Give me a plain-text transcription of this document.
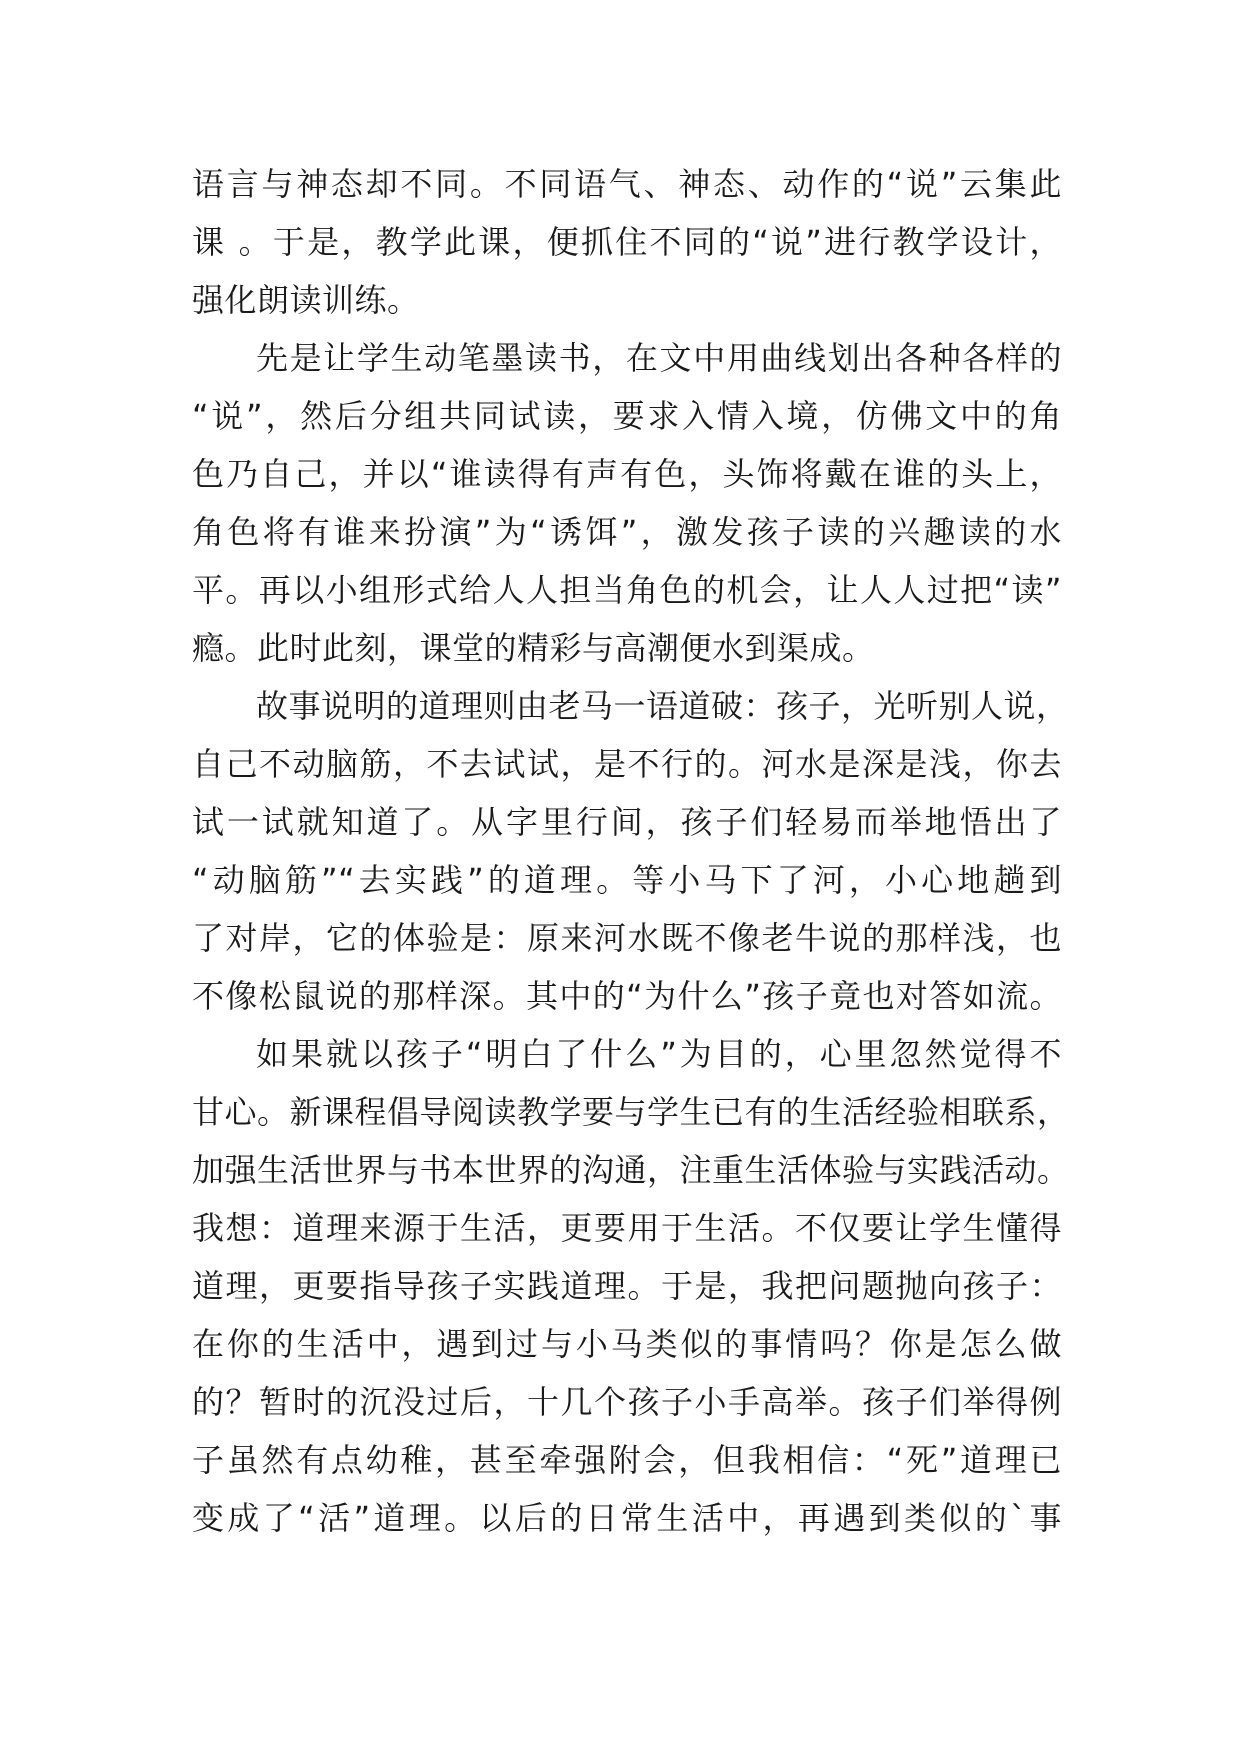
语言与神态却不同。不同语气、神态、动作的“说”云集此
课 。于是，教学此课，便抓住不同的“说”进行教学设计，
强化朗读训练。
先是让学生动笔墨读书，在文中用曲线划出各种各样的
“说”，然后分组共同试读，要求入情入境，仿佛文中的角
色乃自己，并以“谁读得有声有色，头饰将戴在谁的头上，
角色将有谁来扮演”为“诱饵”，激发孩子读的兴趣读的水
平。再以小组形式给人人担当角色的机会，让人人过把“读”
瘾。此时此刻，课堂的精彩与高潮便水到渠成。
故事说明的道理则由老马一语道破：孩子，光听别人说，
自己不动脑筋，不去试试，是不行的。河水是深是浅，你去
试一试就知道了。从字里行间，孩子们轻易而举地悟出了
“动脑筋”“去实践”的道理。等小马下了河，小心地趟到
了对岸，它的体验是：原来河水既不像老牛说的那样浅，也
不像松鼠说的那样深。其中的“为什么”孩子竟也对答如流。
如果就以孩子“明白了什么”为目的，心里忽然觉得不
甘心。新课程倡导阅读教学要与学生已有的生活经验相联系，
加强生活世界与书本世界的沟通，注重生活体验与实践活动。
我想：道理来源于生活，更要用于生活。不仅要让学生懂得
道理，更要指导孩子实践道理。于是，我把问题抛向孩子：
在你的生活中，遇到过与小马类似的事情吗？你是怎么做
的？暂时的沉没过后，十几个孩子小手高举。孩子们举得例
子虽然有点幼稚，甚至牵强附会，但我相信：“死”道理已
变成了“活”道理。以后的日常生活中，再遇到类似的`事
